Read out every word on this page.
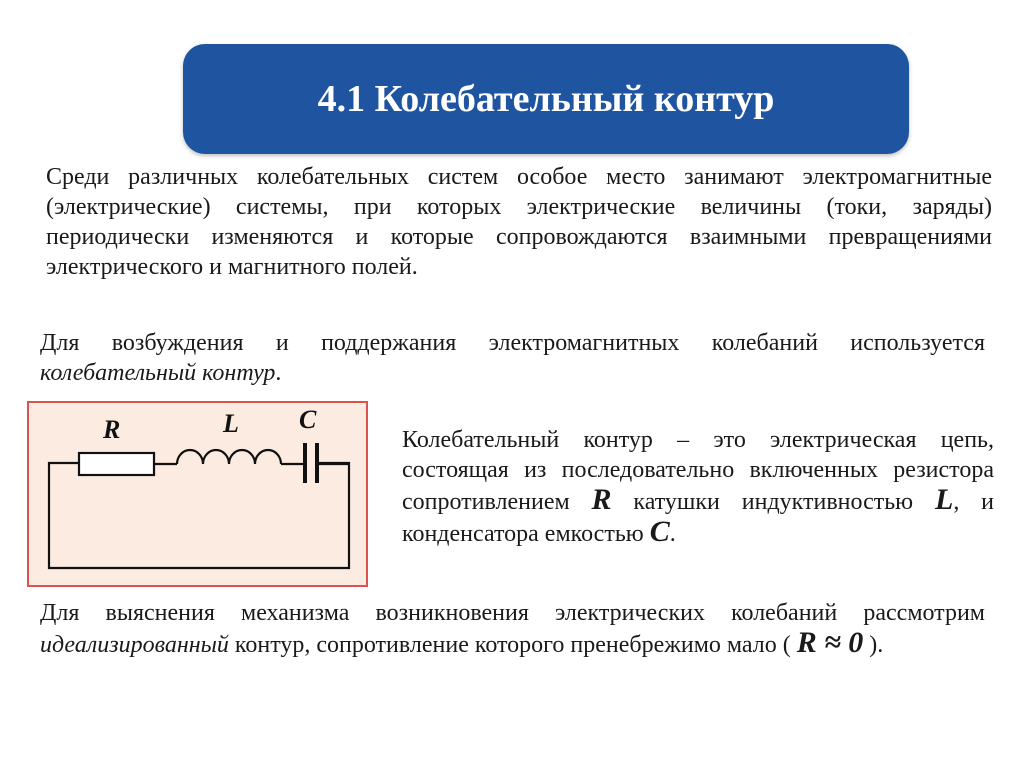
4.1 Колебательный контур
Среди различных колебательных систем особое место занимают электромагнитные (электрические) системы, при которых электрические величины (токи, заряды) периодически изменяются и которые сопровождаются взаимными превращениями электрического и магнитного полей.
Для возбуждения и поддержания электромагнитных колебаний используется колебательный контур.
R	L C
Колебательный контур – это электрическая цепь, состоящая из последовательно включенных резистора сопротивлением R катушки индуктивностью L, и конденсатора емкостью C.
Для выяснения механизма возникновения электрических колебаний рассмотрим идеализированный контур, сопротивление которого пренебрежимо мало ( R ≈ 0 ).
